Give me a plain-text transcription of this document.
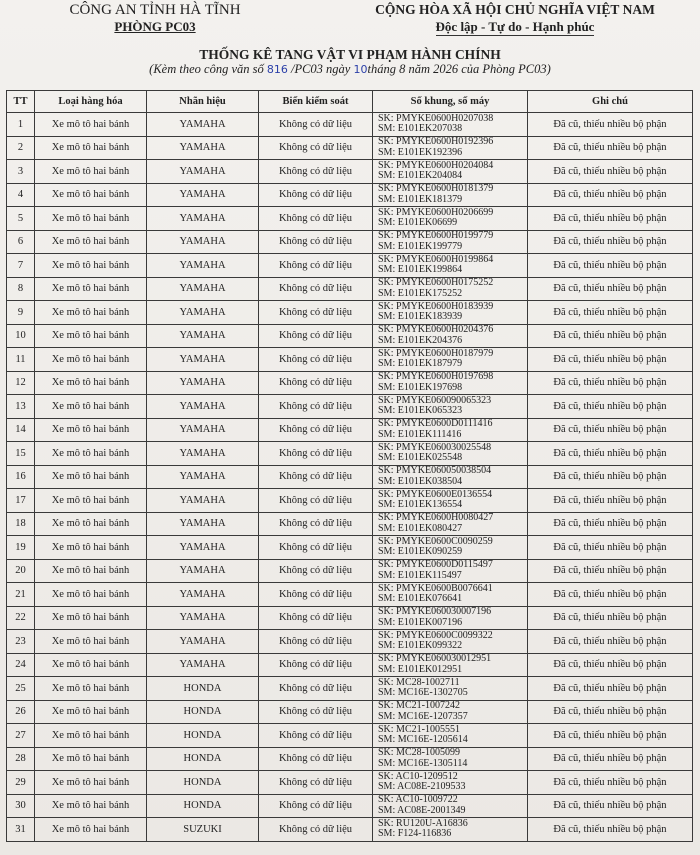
CÔNG AN TỈNH HÀ TĨNH
PHÒNG PC03
CỘNG HÒA XÃ HỘI CHỦ NGHĨA VIỆT NAM
Độc lập - Tự do - Hạnh phúc
THỐNG KÊ TANG VẬT VI PHẠM HÀNH CHÍNH
(Kèm theo công văn số 816 /PC03 ngày 10tháng 8 năm 2026 của Phòng PC03)
TT	Loại hàng hóa	Nhãn hiệu	Biển kiểm soát	Số khung, số máy	Ghi chú
1	Xe mô tô hai bánh	YAMAHA	Không có dữ liệu	SK: PMYKE0600H0207038
SM: E101EK207038	Đã cũ, thiếu nhiều bộ phận
2	Xe mô tô hai bánh	YAMAHA	Không có dữ liệu	SK: PMYKE0600H0192396
SM: E101EK192396	Đã cũ, thiếu nhiều bộ phận
3	Xe mô tô hai bánh	YAMAHA	Không có dữ liệu	SK: PMYKE0600H0204084
SM: E101EK204084	Đã cũ, thiếu nhiều bộ phận
4	Xe mô tô hai bánh	YAMAHA	Không có dữ liệu	SK: PMYKE0600H0181379
SM: E101EK181379	Đã cũ, thiếu nhiều bộ phận
5	Xe mô tô hai bánh	YAMAHA	Không có dữ liệu	SK: PMYKE0600H0206699
SM: E101EK06699	Đã cũ, thiếu nhiều bộ phận
6	Xe mô tô hai bánh	YAMAHA	Không có dữ liệu	SK: PMYKE0600H0199779
SM: E101EK199779	Đã cũ, thiếu nhiều bộ phận
7	Xe mô tô hai bánh	YAMAHA	Không có dữ liệu	SK: PMYKE0600H0199864
SM: E101EK199864	Đã cũ, thiếu nhiều bộ phận
8	Xe mô tô hai bánh	YAMAHA	Không có dữ liệu	SK: PMYKE0600H0175252
SM: E101EK175252	Đã cũ, thiếu nhiều bộ phận
9	Xe mô tô hai bánh	YAMAHA	Không có dữ liệu	SK: PMYKE0600H0183939
SM: E101EK183939	Đã cũ, thiếu nhiều bộ phận
10	Xe mô tô hai bánh	YAMAHA	Không có dữ liệu	SK: PMYKE0600H0204376
SM: E101EK204376	Đã cũ, thiếu nhiều bộ phận
11	Xe mô tô hai bánh	YAMAHA	Không có dữ liệu	SK: PMYKE0600H0187979
SM: E101EK187979	Đã cũ, thiếu nhiều bộ phận
12	Xe mô tô hai bánh	YAMAHA	Không có dữ liệu	SK: PMYKE0600H0197698
SM: E101EK197698	Đã cũ, thiếu nhiều bộ phận
13	Xe mô tô hai bánh	YAMAHA	Không có dữ liệu	SK: PMYKE060090065323
SM: E101EK065323	Đã cũ, thiếu nhiều bộ phận
14	Xe mô tô hai bánh	YAMAHA	Không có dữ liệu	SK: PMYKE0600D0111416
SM: E101EK111416	Đã cũ, thiếu nhiều bộ phận
15	Xe mô tô hai bánh	YAMAHA	Không có dữ liệu	SK: PMYKE060030025548
SM: E101EK025548	Đã cũ, thiếu nhiều bộ phận
16	Xe mô tô hai bánh	YAMAHA	Không có dữ liệu	SK: PMYKE060050038504
SM: E101EK038504	Đã cũ, thiếu nhiều bộ phận
17	Xe mô tô hai bánh	YAMAHA	Không có dữ liệu	SK: PMYKE0600E0136554
SM: E101EK136554	Đã cũ, thiếu nhiều bộ phận
18	Xe mô tô hai bánh	YAMAHA	Không có dữ liệu	SK: PMYKE0600H0080427
SM: E101EK080427	Đã cũ, thiếu nhiều bộ phận
19	Xe mô tô hai bánh	YAMAHA	Không có dữ liệu	SK: PMYKE0600C0090259
SM: E101EK090259	Đã cũ, thiếu nhiều bộ phận
20	Xe mô tô hai bánh	YAMAHA	Không có dữ liệu	SK: PMYKE0600D0115497
SM: E101EK115497	Đã cũ, thiếu nhiều bộ phận
21	Xe mô tô hai bánh	YAMAHA	Không có dữ liệu	SK: PMYKE0600B0076641
SM: E101EK076641	Đã cũ, thiếu nhiều bộ phận
22	Xe mô tô hai bánh	YAMAHA	Không có dữ liệu	SK: PMYKE060030007196
SM: E101EK007196	Đã cũ, thiếu nhiều bộ phận
23	Xe mô tô hai bánh	YAMAHA	Không có dữ liệu	SK: PMYKE0600C0099322
SM: E101EK099322	Đã cũ, thiếu nhiều bộ phận
24	Xe mô tô hai bánh	YAMAHA	Không có dữ liệu	SK: PMYKE060030012951
SM: E101EK012951	Đã cũ, thiếu nhiều bộ phận
25	Xe mô tô hai bánh	HONDA	Không có dữ liệu	SK: MC28-1002711
SM: MC16E-1302705	Đã cũ, thiếu nhiều bộ phận
26	Xe mô tô hai bánh	HONDA	Không có dữ liệu	SK: MC21-1007242
SM: MC16E-1207357	Đã cũ, thiếu nhiều bộ phận
27	Xe mô tô hai bánh	HONDA	Không có dữ liệu	SK: MC21-1005551
SM: MC16E-1205614	Đã cũ, thiếu nhiều bộ phận
28	Xe mô tô hai bánh	HONDA	Không có dữ liệu	SK: MC28-1005099
SM: MC16E-1305114	Đã cũ, thiếu nhiều bộ phận
29	Xe mô tô hai bánh	HONDA	Không có dữ liệu	SK: AC10-1209512
SM: AC08E-2109533	Đã cũ, thiếu nhiều bộ phận
30	Xe mô tô hai bánh	HONDA	Không có dữ liệu	SK: AC10-1009722
SM: AC08E-2001349	Đã cũ, thiếu nhiều bộ phận
31	Xe mô tô hai bánh	SUZUKI	Không có dữ liệu	SK: RU120U-A16836
SM: F124-116836	Đã cũ, thiếu nhiều bộ phận
